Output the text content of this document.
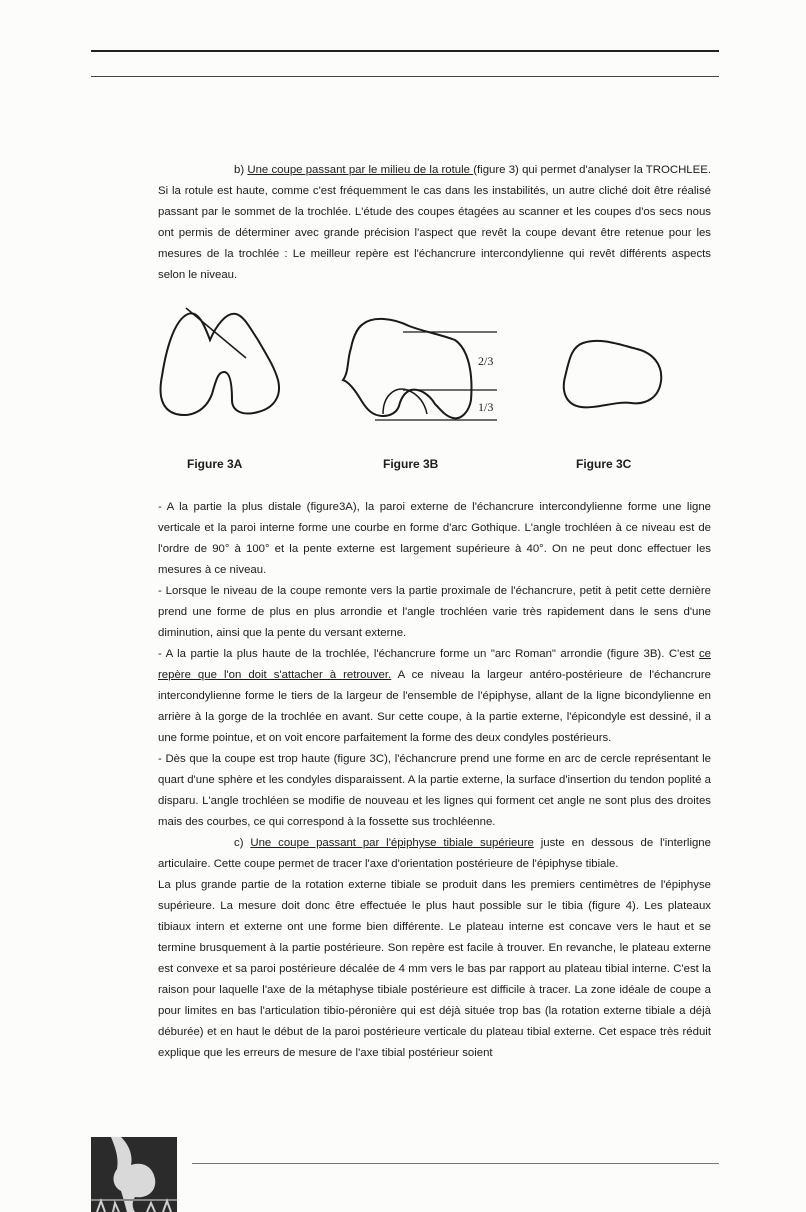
b) Une coupe passant par le milieu de la rotule (figure 3) qui permet d'analyser la TROCHLEE. Si la rotule est haute, comme c'est fréquemment le cas dans les instabilités, un autre cliché doit être réalisé passant par le sommet de la trochlée. L'étude des coupes étagées au scanner et les coupes d'os secs nous ont permis de déterminer avec grande précision l'aspect que revêt la coupe devant être retenue pour les mesures de la trochlée : Le meilleur repère est l'échancrure intercondylienne qui revêt différents aspects selon le niveau.

2/3
1/3
Figure 3A	Figure 3B	Figure 3C

- A la partie la plus distale (figure3A), la paroi externe de l'échancrure intercondylienne forme une ligne verticale et la paroi interne forme une courbe en forme d'arc Gothique. L'angle trochléen à ce niveau est de l'ordre de 90° à 100° et la pente externe est largement supérieure à 40°. On ne peut donc effectuer les mesures à ce niveau.

- Lorsque le niveau de la coupe remonte vers la partie proximale de l'échancrure, petit à petit cette dernière prend une forme de plus en plus arrondie et l'angle trochléen varie très rapidement dans le sens d'une diminution, ainsi que la pente du versant externe.

- A la partie la plus haute de la trochlée, l'échancrure forme un "arc Roman" arrondie (figure 3B). C'est ce repère que l'on doit s'attacher à retrouver. A ce niveau la largeur antéro-postérieure de l'échancrure intercondylienne forme le tiers de la largeur de l'ensemble de l'épiphyse, allant de la ligne bicondylienne en arrière à la gorge de la trochlée en avant. Sur cette coupe, à la partie externe, l'épicondyle est dessiné, il a une forme pointue, et on voit encore parfaitement la forme des deux condyles postérieurs.

- Dès que la coupe est trop haute (figure 3C), l'échancrure prend une forme en arc de cercle représentant le quart d'une sphère et les condyles disparaissent. A la partie externe, la surface d'insertion du tendon poplité a disparu. L'angle trochléen se modifie de nouveau et les lignes qui forment cet angle ne sont plus des droites mais des courbes, ce qui correspond à la fossette sus trochléenne.

c) Une coupe passant par l'épiphyse tibiale supérieure juste en dessous de l'interligne articulaire. Cette coupe permet de tracer l'axe d'orientation postérieure de l'épiphyse tibiale.

La plus grande partie de la rotation externe tibiale se produit dans les premiers centimètres de l'épiphyse supérieure. La mesure doit donc être effectuée le plus haut possible sur le tibia (figure 4). Les plateaux tibiaux intern et externe ont une forme bien différente. Le plateau interne est concave vers le haut et se termine brusquement à la partie postérieure. Son repère est facile à trouver. En revanche, le plateau externe est convexe et sa paroi postérieure décalée de 4 mm vers le bas par rapport au plateau tibial interne. C'est la raison pour laquelle l'axe de la métaphyse tibiale postérieure est difficile à tracer. La zone idéale de coupe a pour limites en bas l'articulation tibio-péronière qui est déjà située trop bas (la rotation externe tibiale a déjà déburée) et en haut le début de la paroi postérieure verticale du plateau tibial externe. Cet espace très réduit explique que les erreurs de mesure de l'axe tibial postérieur soient
